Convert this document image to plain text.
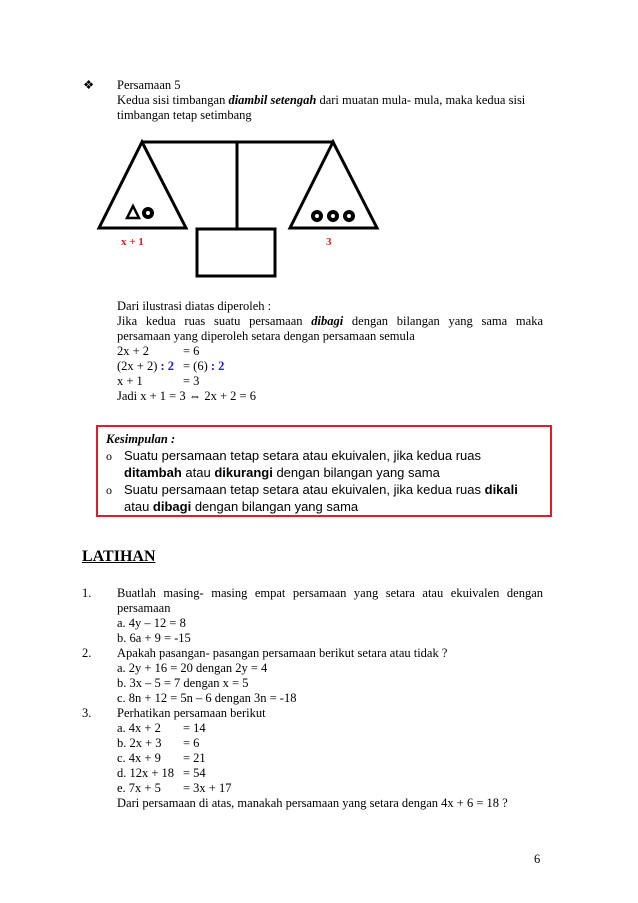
❖ Persamaan 5
Kedua sisi timbangan diambil setengah dari muatan mula- mula, maka kedua sisi
timbangan tetap setimbang
x + 1	3
Dari ilustrasi diatas diperoleh :
Jika kedua ruas suatu persamaan dibagi dengan bilangan yang sama maka persamaan yang diperoleh setara dengan persamaan semula
2x + 2	= 6
(2x + 2) : 2 = (6) : 2
x + 1	= 3
Jadi x + 1 = 3 ⇔ 2x + 2 = 6
Kesimpulan :
o Suatu persamaan tetap setara atau ekuivalen, jika kedua ruas
ditambah atau dikurangi dengan bilangan yang sama
o Suatu persamaan tetap setara atau ekuivalen, jika kedua ruas dikali
atau dibagi dengan bilangan yang sama
LATIHAN
1. Buatlah masing- masing empat persamaan yang setara atau ekuivalen dengan
persamaan
a. 4y – 12 = 8
b. 6a + 9 = -15
2. Apakah pasangan- pasangan persamaan berikut setara atau tidak ?
a. 2y + 16 = 20 dengan 2y = 4
b. 3x – 5 = 7 dengan x = 5
c. 8n + 12 = 5n – 6 dengan 3n = -18
3. Perhatikan persamaan berikut
a. 4x + 2 = 14
b. 2x + 3 = 6
c. 4x + 9 = 21
d. 12x + 18 = 54
e. 7x + 5 = 3x + 17
Dari persamaan di atas, manakah persamaan yang setara dengan 4x + 6 = 18 ?
6
